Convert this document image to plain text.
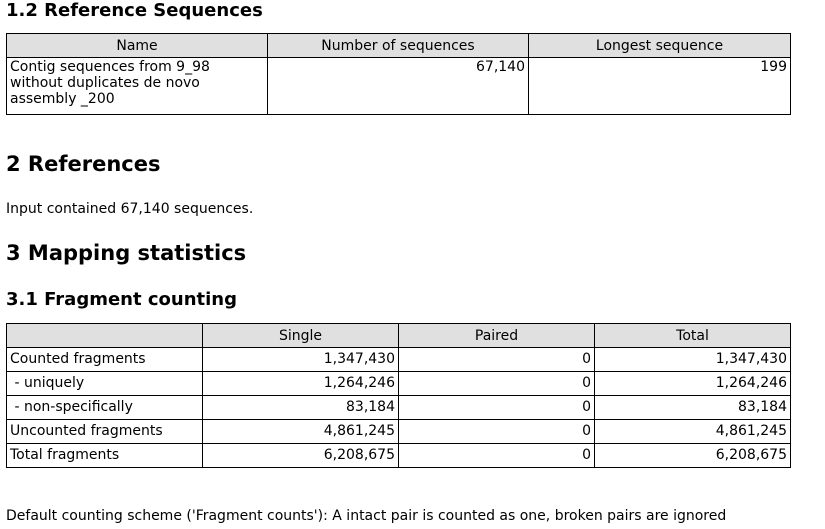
1.2 Reference Sequences
Name	Number of sequences	Longest sequence

Contig sequences from 9_98
without duplicates de novo
assembly _200	67,140	199
2 References

Input contained 67,140 sequences.

3 Mapping statistics
3.1 Fragment counting
	Single	Paired	Total
Counted fragments	1,347,430	0	1,347,430
- uniquely	1,264,246	0	1,264,246
- non-specifically	83,184	0	83,184
Uncounted fragments	4,861,245	0	4,861,245
Total fragments	6,208,675	0	6,208,675

Default counting scheme ('Fragment counts'): A intact pair is counted as one, broken pairs are ignored
